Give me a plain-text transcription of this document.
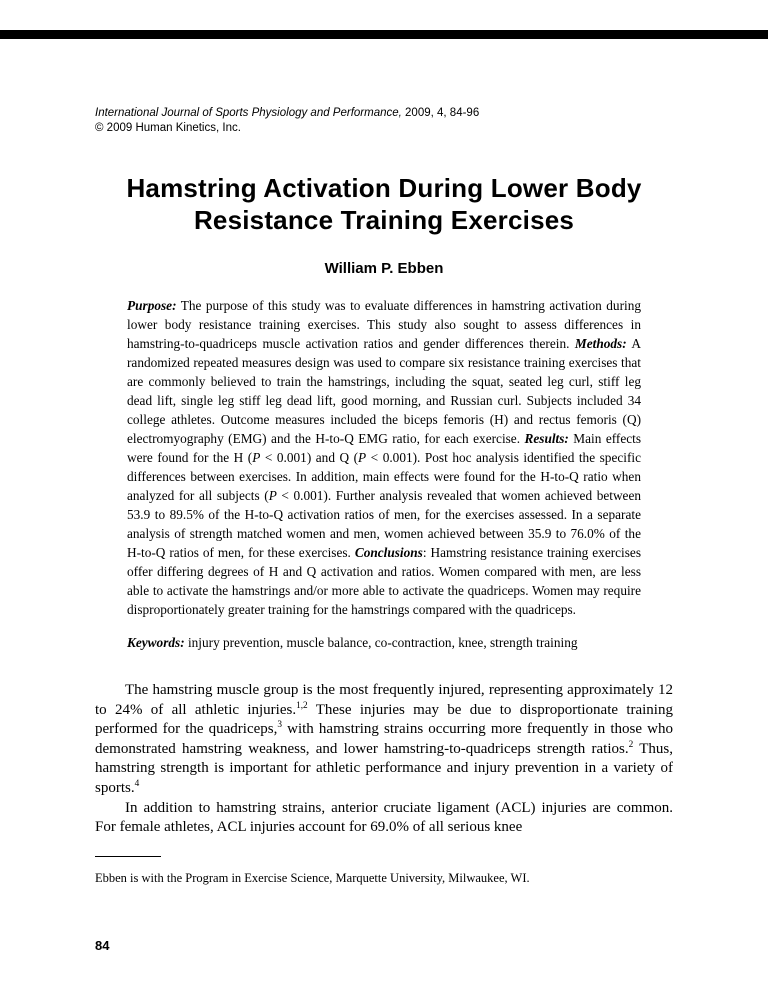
International Journal of Sports Physiology and Performance, 2009, 4, 84-96
© 2009 Human Kinetics, Inc.
Hamstring Activation During Lower Body
Resistance Training Exercises
William P. Ebben
Purpose: The purpose of this study was to evaluate differences in hamstring activation during lower body resistance training exercises. This study also sought to assess differences in hamstring-to-quadriceps muscle activation ratios and gender differences therein. Methods: A randomized repeated measures design was used to compare six resistance training exercises that are commonly believed to train the hamstrings, including the squat, seated leg curl, stiff leg dead lift, single leg stiff leg dead lift, good morning, and Russian curl. Subjects included 34 college athletes. Outcome measures included the biceps femoris (H) and rectus femoris (Q) electromyography (EMG) and the H-to-Q EMG ratio, for each exercise. Results: Main effects were found for the H (P < 0.001) and Q (P < 0.001). Post hoc analysis identified the specific differences between exercises. In addition, main effects were found for the H-to-Q ratio when analyzed for all subjects (P < 0.001). Further analysis revealed that women achieved between 53.9 to 89.5% of the H-to-Q activation ratios of men, for the exercises assessed. In a separate analysis of strength matched women and men, women achieved between 35.9 to 76.0% of the H-to-Q ratios of men, for these exercises. Conclusions: Hamstring resistance training exercises offer differing degrees of H and Q activation and ratios. Women compared with men, are less able to activate the hamstrings and/or more able to activate the quadriceps. Women may require disproportionately greater training for the hamstrings compared with the quadriceps.
Keywords: injury prevention, muscle balance, co-contraction, knee, strength training

The hamstring muscle group is the most frequently injured, representing approximately 12 to 24% of all athletic injuries.$^{1,2}$ These injuries may be due to disproportionate training performed for the quadriceps,$^3$ with hamstring strains occurring more frequently in those who demonstrated hamstring weakness, and lower hamstring-to-quadriceps strength ratios.$^2$ Thus, hamstring strength is important for athletic performance and injury prevention in a variety of sports.$^4$

In addition to hamstring strains, anterior cruciate ligament (ACL) injuries are common. For female athletes, ACL injuries account for 69.0% of all serious knee

Ebben is with the Program in Exercise Science, Marquette University, Milwaukee, WI.
84
